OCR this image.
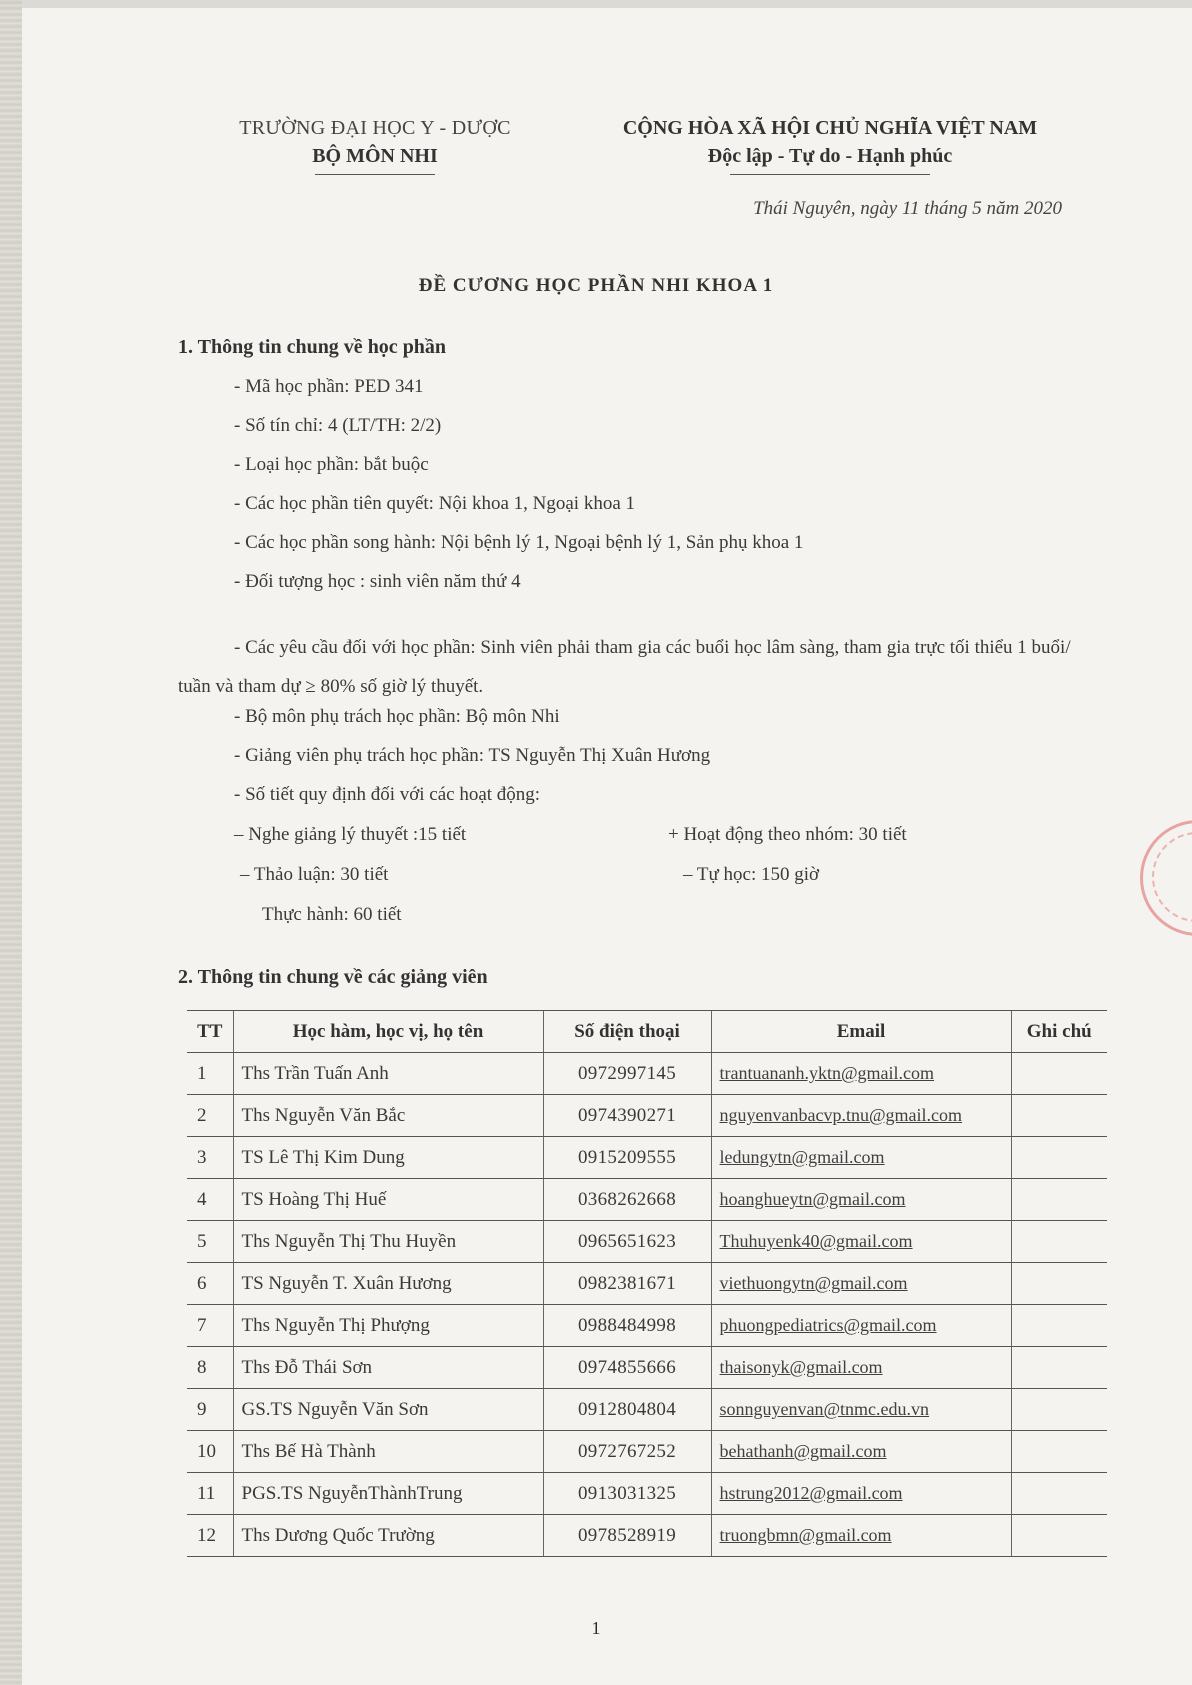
TRƯỜNG ĐẠI HỌC Y - DƯỢC
BỘ MÔN NHI
CỘNG HÒA XÃ HỘI CHỦ NGHĨA VIỆT NAM
Độc lập - Tự do - Hạnh phúc
Thái Nguyên, ngày 11 tháng 5 năm 2020
ĐỀ CƯƠNG HỌC PHẦN NHI KHOA 1
1. Thông tin chung về học phần
- Mã học phần: PED 341
- Số tín chỉ: 4 (LT/TH: 2/2)
- Loại học phần: bắt buộc
- Các học phần tiên quyết: Nội khoa 1, Ngoại khoa 1
- Các học phần song hành: Nội bệnh lý 1, Ngoại bệnh lý 1, Sản phụ khoa 1
- Đối tượng học : sinh viên năm thứ 4
- Các yêu cầu đối với học phần: Sinh viên phải tham gia các buổi học lâm sàng, tham gia trực tối thiểu 1 buổi/ tuần và tham dự ≥ 80% số giờ lý thuyết.
- Bộ môn phụ trách học phần: Bộ môn Nhi
- Giảng viên phụ trách học phần: TS Nguyễn Thị Xuân Hương
- Số tiết quy định đối với các hoạt động:
– Nghe giảng lý thuyết :15 tiết	+ Hoạt động theo nhóm: 30 tiết
– Thảo luận: 30 tiết	– Tự học: 150 giờ
Thực hành: 60 tiết
2. Thông tin chung về các giảng viên
TT	Học hàm, học vị, họ tên	Số điện thoại	Email	Ghi chú
1	Ths Trần Tuấn Anh	0972997145	trantuananh.yktn@gmail.com	
2	Ths Nguyễn Văn Bắc	0974390271	nguyenvanbacvp.tnu@gmail.com	
3	TS Lê Thị Kim Dung	0915209555	ledungytn@gmail.com	
4	TS Hoàng Thị Huế	0368262668	hoanghueytn@gmail.com	
5	Ths Nguyễn Thị Thu Huyền	0965651623	Thuhuyenk40@gmail.com	
6	TS Nguyễn T. Xuân Hương	0982381671	viethuongytn@gmail.com	
7	Ths Nguyễn Thị Phượng	0988484998	phuongpediatrics@gmail.com	
8	Ths Đỗ Thái Sơn	0974855666	thaisonyk@gmail.com	
9	GS.TS Nguyễn Văn Sơn	0912804804	sonnguyenvan@tnmc.edu.vn	
10	Ths Bế Hà Thành	0972767252	behathanh@gmail.com	
11	PGS.TS NguyễnThànhTrung	0913031325	hstrung2012@gmail.com	
12	Ths Dương Quốc Trường	0978528919	truongbmn@gmail.com	
1
